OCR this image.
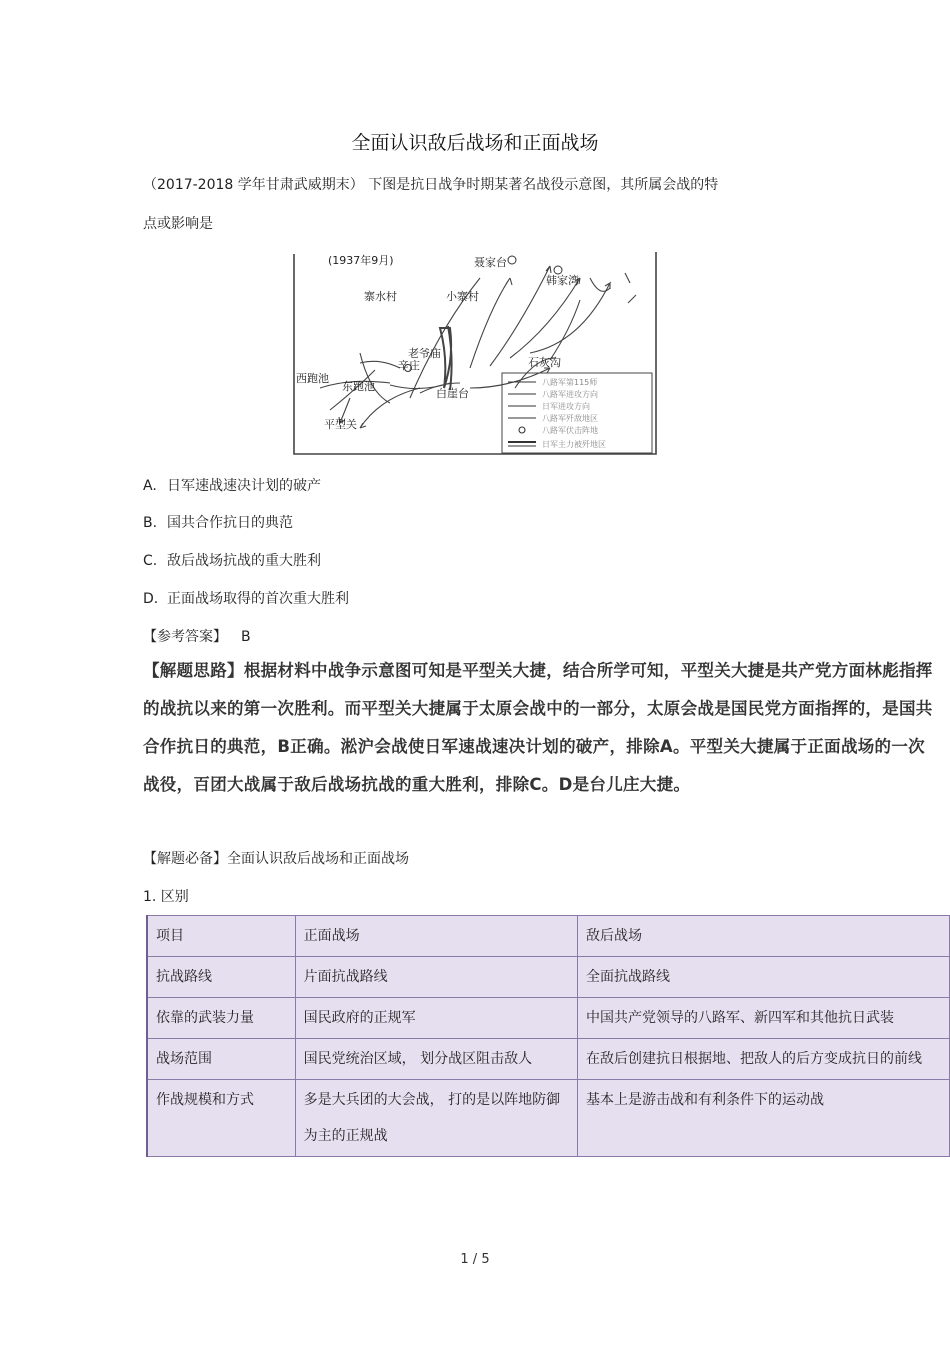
全面认识敌后战场和正面战场
（2017-2018 学年甘肃武威期末） 下图是抗日战争时期某著名战役示意图，其所属会战的特
点或影响是
八路军第115师
八路军进攻方向
日军进攻方向
八路军歼敌地区
八路军伏击阵地
日军主力被歼地区
(1937年9月)	聂家台
韩家湾
寨水村	小寨村
老爷庙
辛庄	石灰沟
西跑池
东跑池
白崖台
平型关
A. 日军速战速决计划的破产
B. 国共合作抗日的典范
C. 敌后战场抗战的重大胜利
D. 正面战场取得的首次重大胜利
【参考答案】 B
【解题思路】根据材料中战争示意图可知是平型关大捷，结合所学可知，平型关大捷是共产党方面林彪指挥的战抗以来的第一次胜利。而平型关大捷属于太原会战中的一部分，太原会战是国民党方面指挥的，是国共合作抗日的典范，B正确。淞沪会战使日军速战速决计划的破产，排除A。平型关大捷属于正面战场的一次战役，百团大战属于敌后战场抗战的重大胜利，排除C。D是台儿庄大捷。
【解题必备】全面认识敌后战场和正面战场
1. 区别
项目	正面战场	敌后战场
抗战路线	片面抗战路线	全面抗战路线
依靠的武装力量	国民政府的正规军	中国共产党领导的八路军、新四军和其他抗日武装
战场范围	国民党统治区域， 划分战区阻击敌人	在敌后创建抗日根据地、把敌人的后方变成抗日的前线
作战规模和方式	多是大兵团的大会战， 打的是以阵地防御为主的正规战	基本上是游击战和有利条件下的运动战
1 / 5
